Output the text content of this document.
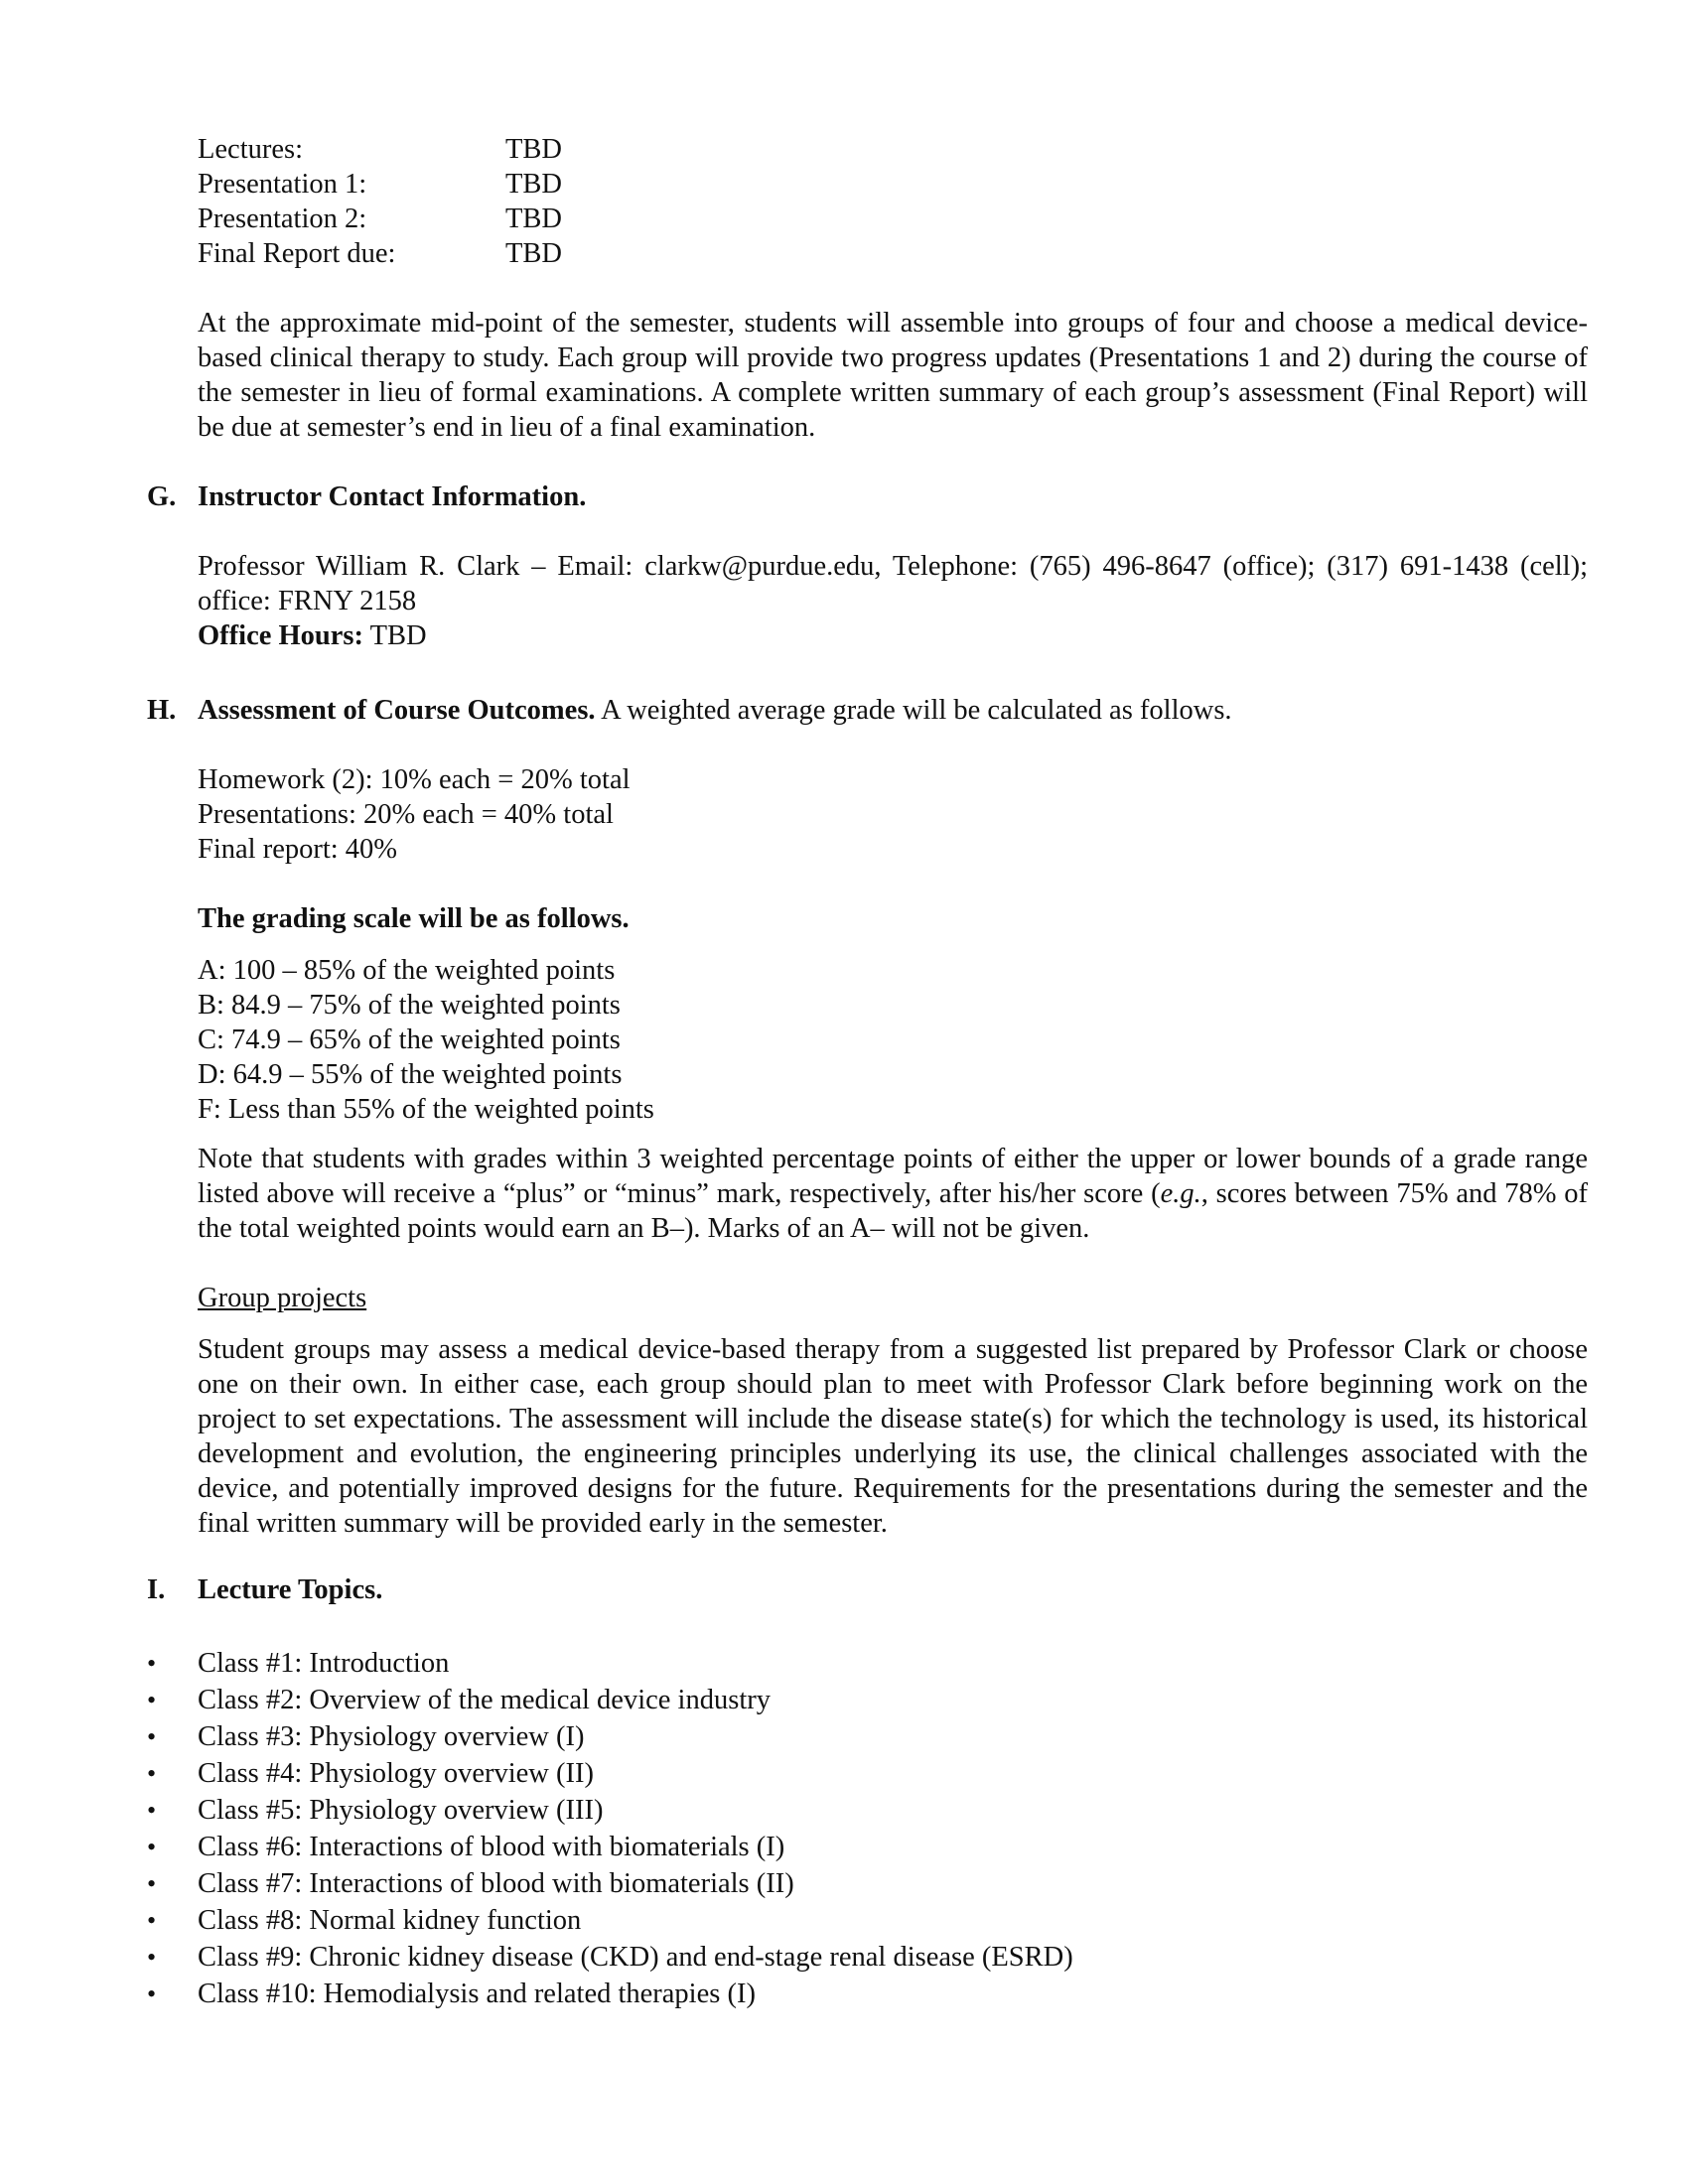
Lectures:	TBD
Presentation 1:	TBD
Presentation 2:	TBD
Final Report due:	TBD
At the approximate mid-point of the semester, students will assemble into groups of four and choose a medical device-based clinical therapy to study. Each group will provide two progress updates (Presentations 1 and 2) during the course of the semester in lieu of formal examinations. A complete written summary of each group’s assessment (Final Report) will be due at semester’s end in lieu of a final examination.
G. Instructor Contact Information.
Professor William R. Clark – Email: clarkw@purdue.edu, Telephone: (765) 496-8647 (office); (317) 691-1438 (cell); office: FRNY 2158
Office Hours: TBD
H. Assessment of Course Outcomes. A weighted average grade will be calculated as follows.
Homework (2): 10% each = 20% total
Presentations: 20% each = 40% total
Final report: 40%
The grading scale will be as follows.
A: 100 – 85% of the weighted points
B: 84.9 – 75% of the weighted points
C: 74.9 – 65% of the weighted points
D: 64.9 – 55% of the weighted points
F: Less than 55% of the weighted points
Note that students with grades within 3 weighted percentage points of either the upper or lower bounds of a grade range listed above will receive a “plus” or “minus” mark, respectively, after his/her score (e.g., scores between 75% and 78% of the total weighted points would earn an B–). Marks of an A– will not be given.
Group projects
Student groups may assess a medical device-based therapy from a suggested list prepared by Professor Clark or choose one on their own. In either case, each group should plan to meet with Professor Clark before beginning work on the project to set expectations. The assessment will include the disease state(s) for which the technology is used, its historical development and evolution, the engineering principles underlying its use, the clinical challenges associated with the device, and potentially improved designs for the future. Requirements for the presentations during the semester and the final written summary will be provided early in the semester.
I. Lecture Topics.
•	Class #1: Introduction
•	Class #2: Overview of the medical device industry
•	Class #3: Physiology overview (I)
•	Class #4: Physiology overview (II)
•	Class #5: Physiology overview (III)
•	Class #6: Interactions of blood with biomaterials (I)
•	Class #7: Interactions of blood with biomaterials (II)
•	Class #8: Normal kidney function
•	Class #9: Chronic kidney disease (CKD) and end-stage renal disease (ESRD)
•	Class #10: Hemodialysis and related therapies (I)
